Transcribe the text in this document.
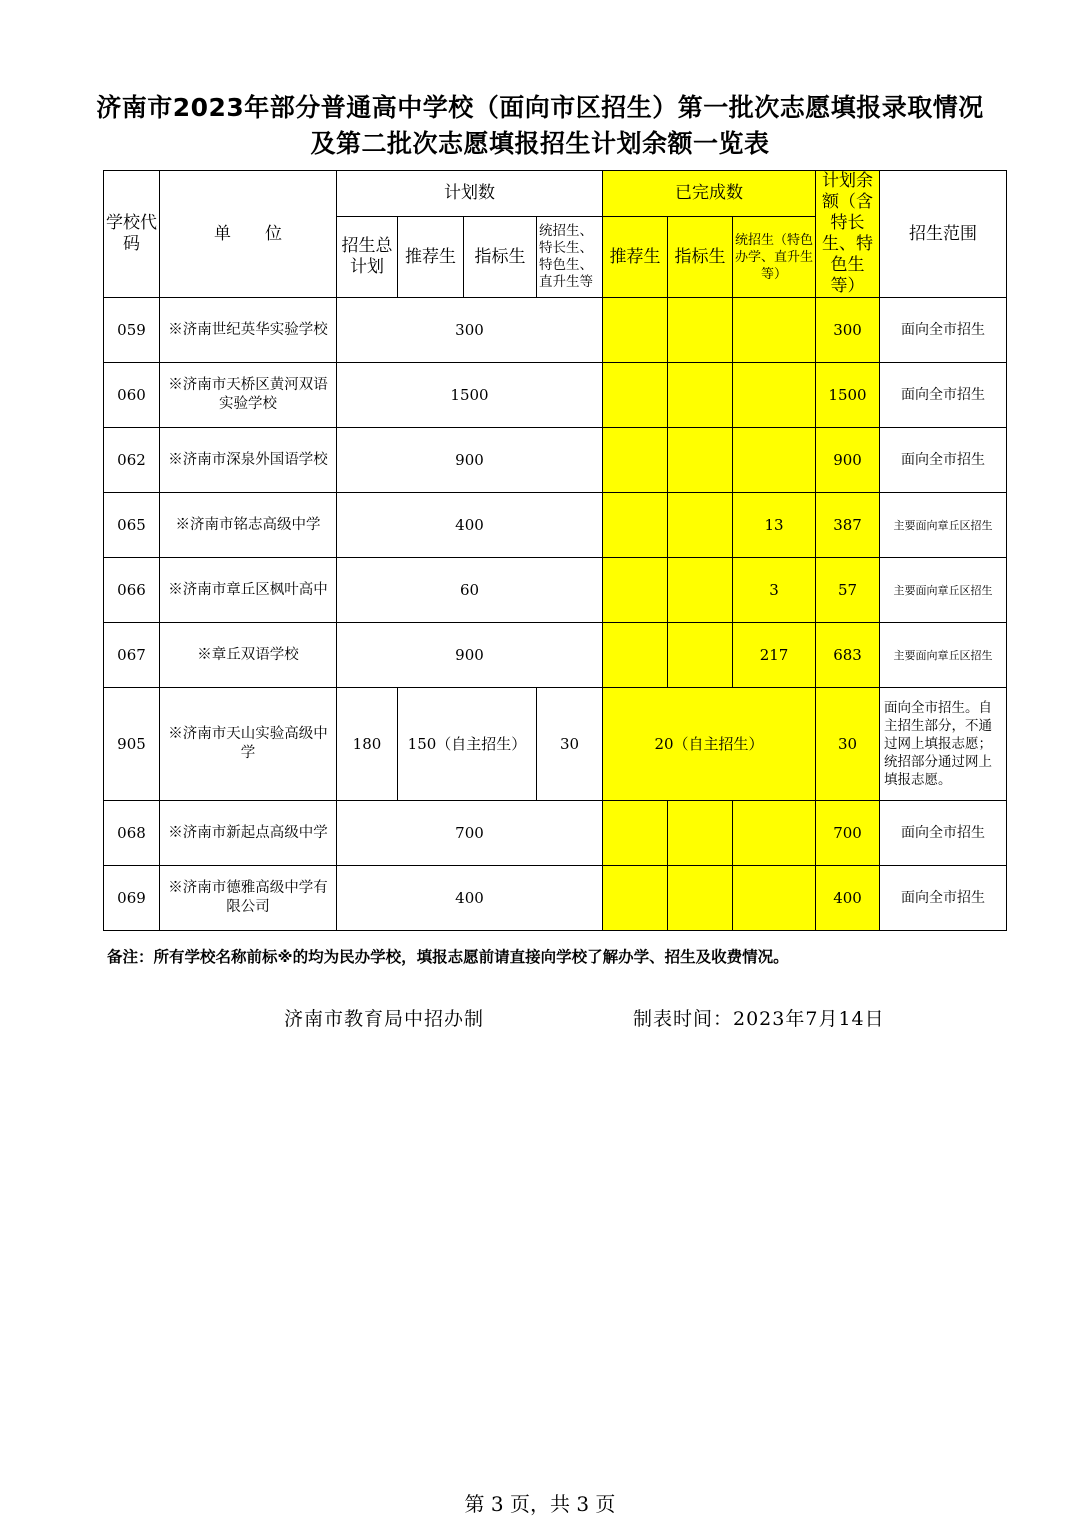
济南市2023年部分普通高中学校（面向市区招生）第一批次志愿填报录取情况
及第二批次志愿填报招生计划余额一览表
学校代码	单　　位	计划数				已完成数			计划余额（含特长生、特色生等）	招生范围
		招生总计划	推荐生	指标生	统招生、特长生、特色生、直升生等	推荐生	指标生	统招生（特色办学、直升生等）		
059	※济南世纪英华实验学校	300							300	面向全市招生
060	※济南市天桥区黄河双语实验学校	1500							1500	面向全市招生
062	※济南市深泉外国语学校	900							900	面向全市招生
065	※济南市铭志高级中学	400						13	387	主要面向章丘区招生
066	※济南市章丘区枫叶高中	60						3	57	主要面向章丘区招生
067	※章丘双语学校	900						217	683	主要面向章丘区招生
905	※济南市天山实验高级中学	180	150（自主招生）		30	20（自主招生）			30	面向全市招生。自主招生部分，不通过网上填报志愿；统招部分通过网上填报志愿。
068	※济南市新起点高级中学	700							700	面向全市招生
069	※济南市德雅高级中学有限公司	400							400	面向全市招生
备注：所有学校名称前标※的均为民办学校，填报志愿前请直接向学校了解办学、招生及收费情况。
济南市教育局中招办制	制表时间：2023年7月14日
第 3 页，共 3 页
